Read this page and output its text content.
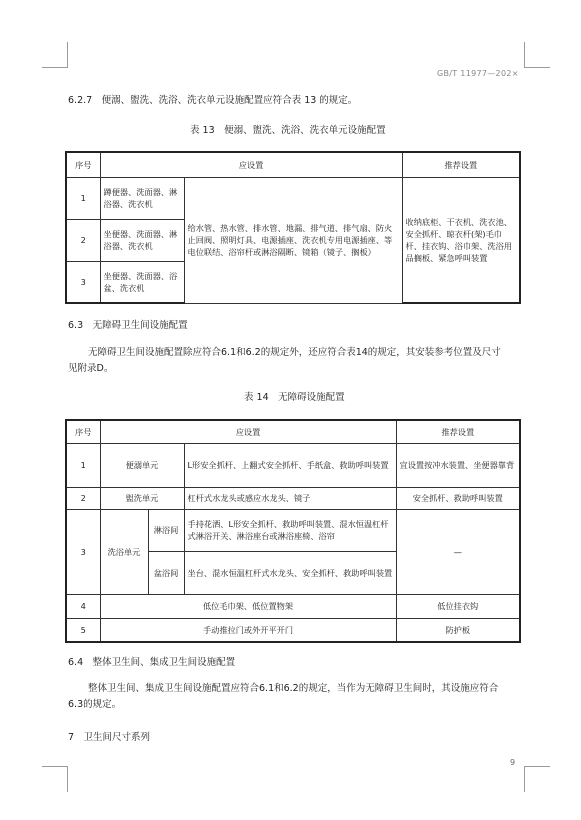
GB/T 11977—202×
6.2.7　便溺、盥洗、洗浴、洗衣单元设施配置应符合表 13 的规定。
表 13　便溺、盥洗、洗浴、洗衣单元设施配置
序号	应设置		推荐设置
1	蹲便器、洗面器、淋浴器、洗衣机	给水管、热水管、排水管、地漏、排气道、排气扇、防火止回阀、照明灯具、电源插座、洗衣机专用电源插座、等电位联结、浴帘杆或淋浴隔断、镜箱（镜子、搁板）	收纳底柜、干衣机、洗衣池、安全抓杆、晾衣杆(架)毛巾杆、挂衣钩、浴巾架、洗浴用品搁板、紧急呼叫装置
2	坐便器、洗面器、淋浴器、洗衣机		
3	坐便器、洗面器、浴盆、洗衣机		
6.3　无障碍卫生间设施配置
无障碍卫生间设施配置除应符合6.1和6.2的规定外，还应符合表14的规定，其安装参考位置及尺寸
见附录D。
表 14　无障碍设施配置
序号	应设置			推荐设置
1	便溺单元		L形安全抓杆、上翻式安全抓杆、手纸盒、救助呼叫装置	宜设置按冲水装置、坐便器靠背
2	盥洗单元		杠杆式水龙头或感应水龙头、镜子	安全抓杆、救助呼叫装置
3	洗浴单元	淋浴间	手持花洒、L形安全抓杆、救助呼叫装置、混水恒温杠杆式淋浴开关、淋浴座台或淋浴座椅、浴帘	—
		盆浴间	坐台、混水恒温杠杆式水龙头、安全抓杆、救助呼叫装置	
4	低位毛巾架、低位置物架			低位挂衣钩
5	手动推拉门或外开平开门			防护板
6.4　整体卫生间、集成卫生间设施配置
整体卫生间、集成卫生间设施配置应符合6.1和6.2的规定，当作为无障碍卫生间时，其设施应符合
6.3的规定。
7　卫生间尺寸系列
9
